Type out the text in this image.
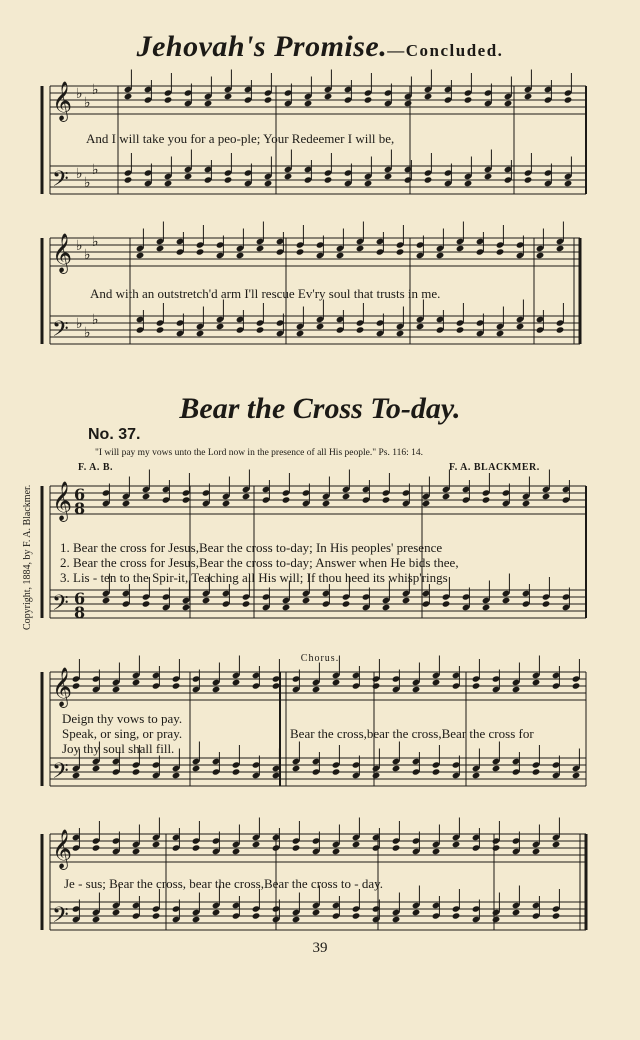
Jehovah's Promise.—Concluded.
𝄞
𝄢
𝄞
𝄢
𝄞
𝄢
𝄞
𝄢
𝄞
𝄢
♭
♭
♭
♭
♭
♭
♭
♭
♭
♭
♭
♭
6
8
6
8
And I will take you for a peo-ple; Your Redeemer I will be,
And with an outstretch'd arm I'll rescue Ev'ry soul that trusts in me.
Bear the Cross To-day.
No. 37.
"I will pay my vows unto the Lord now in the presence of all His people." Ps. 116: 14.
F. A. B.	F. A. BLACKMER.
1. Bear the cross for Jesus,Bear the cross to-day; In His peoples' presence
2. Bear the cross for Jesus,Bear the cross to-day; Answer when He bids thee,
3. Lis - ten to the Spir-it, Teaching all His will; If thou heed its whisp'rings
Chorus.
Deign thy vows to pay.
Speak, or sing, or pray.
Joy thy soul shall fill.
Bear the cross,bear the cross,Bear the cross for
Je - sus; Bear the cross, bear the cross,Bear the cross to - day.
Copyright, 1884, by F. A. Blackmer.
39
